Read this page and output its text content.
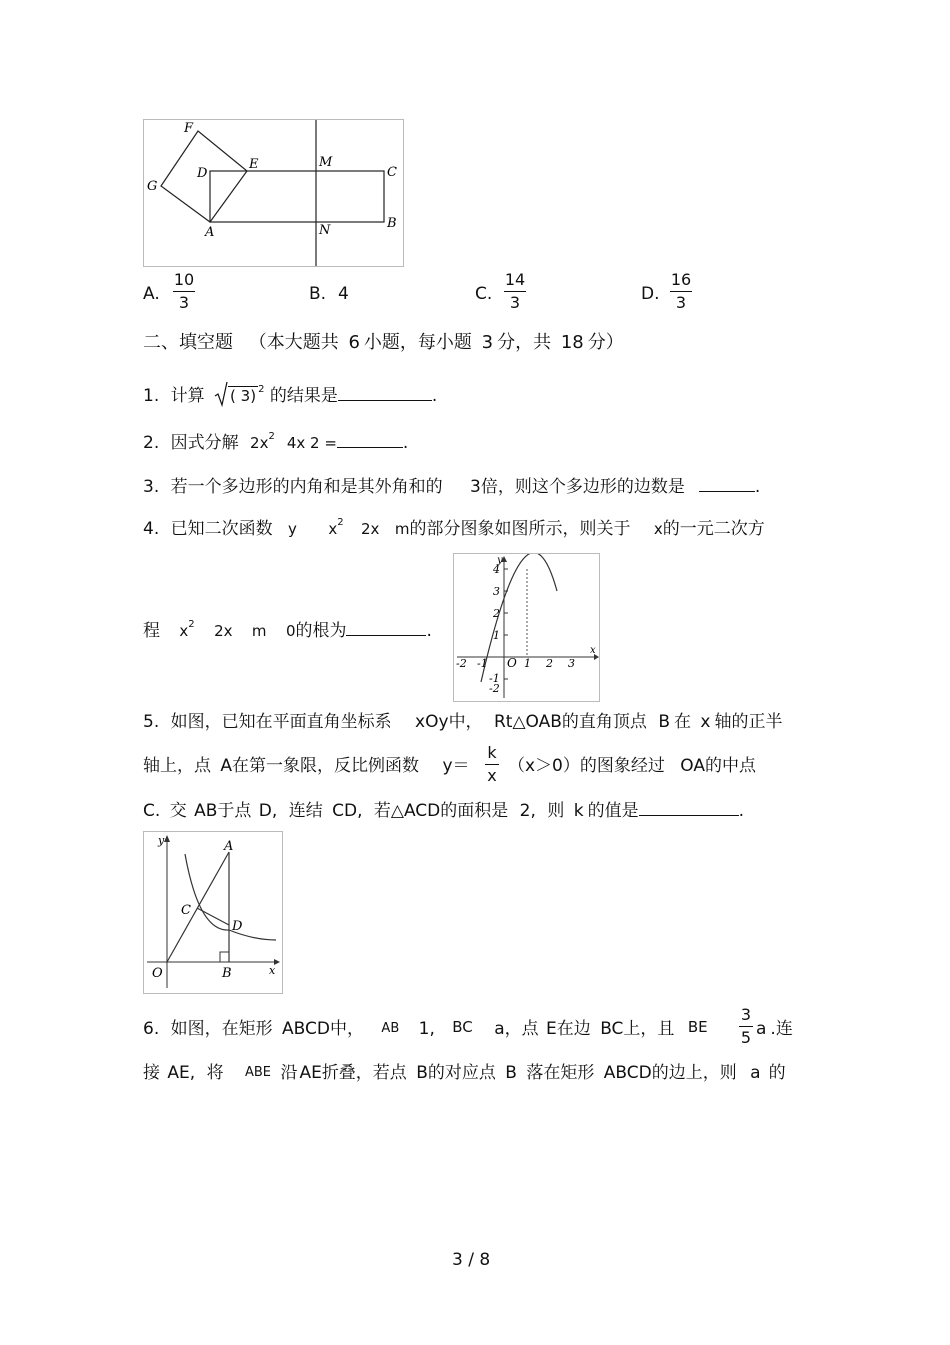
F
G
D
E	M
C
A	N	B
A.
10
3	B. 4	C.
14
3	D.
16
3
二、填空题 （本大题共 6 小题，每小题 3 分，共 18 分）
1. 计算 ( 3) $^2$ 的结果是	.
2. 因式分解 $2x^2$ 4x 2 =	.
3. 若一个多边形的内角和是其外角和的 3倍，则这个多边形的边数是	.
4. 已知二次函数 y $x^2$ 2x m的部分图象如图所示，则关于 x的一元二次方
程 $x^2$ 2x m 0的根为	.
y
x
O
4
3
2
1
-1
-2
-2 -1	1 2 3
5. 如图，已知在平面直角坐标系 xOy中， Rt△OAB的直角顶点 B 在 x 轴的正半
轴上，点 A在第一象限，反比例函数 y＝
k
x （x＞0）的图象经过 OA的中点
C. 交 AB于点 D, 连结 CD, 若△ACD的面积是 2, 则 k 的值是	.
y
x
O
A
B
C
D
6. 如图，在矩形 ABCD中， AB 1, BC a，点 E在边 BC上，且 BE
3
5 a .连
接 AE, 将 ABE 沿 AE折叠，若点 B的对应点 B 落在矩形 ABCD的边上，则 a 的
3 / 8
